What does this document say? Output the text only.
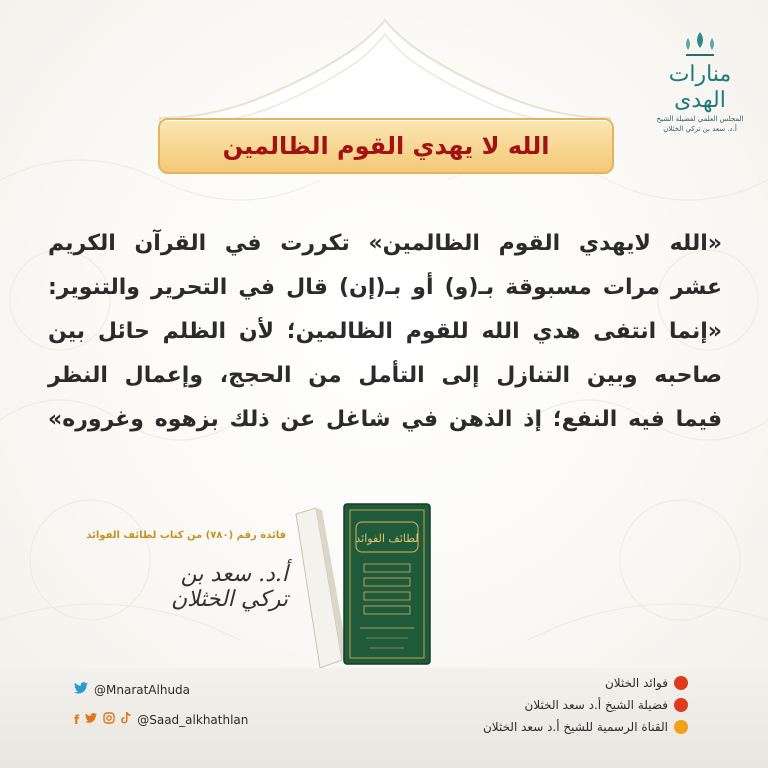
الله لا يهدي القوم الظالمين
منارات الهدى
المجلس العلمي لفضيلة الشيخ
أ.د. سعد بن تركي الخثلان
«الله لايهدي القوم الظالمين» تكررت في القرآن الكريم
عشر مرات مسبوقة بـ(و) أو بـ(إن) قال في التحرير والتنوير:
«إنما انتفى هدي الله للقوم الظالمين؛ لأن الظلم حائل بين
صاحبه وبين التنازل إلى التأمل من الحجج، وإعمال النظر
فيما فيه النفع؛ إذ الذهن في شاغل عن ذلك بزهوه وغروره»
فائدة رقم (٧٨٠) من كتاب لطائف الفوائد
أ.د. سعد بن تركي الخثلان
لطائف الفوائد
@MnaratAlhuda
f	@Saad_alkhathlan
فوائد الخثلان
فضيلة الشيخ أ.د سعد الخثلان
القناة الرسمية للشيخ أ.د سعد الخثلان
